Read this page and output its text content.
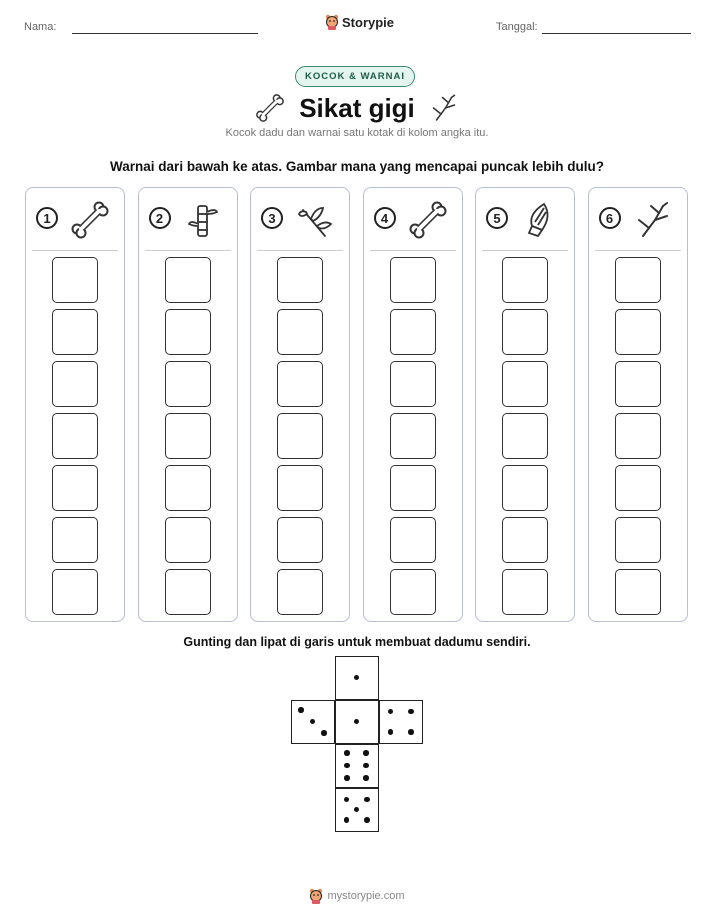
Nama:	Storypie	Tanggal:
KOCOK & WARNAI
Sikat gigi
Kocok dadu dan warnai satu kotak di kolom angka itu.
Warnai dari bawah ke atas. Gambar mana yang mencapai puncak lebih dulu?
1	2	3	4	5	6
Gunting dan lipat di garis untuk membuat dadumu sendiri.
mystorypie.com
